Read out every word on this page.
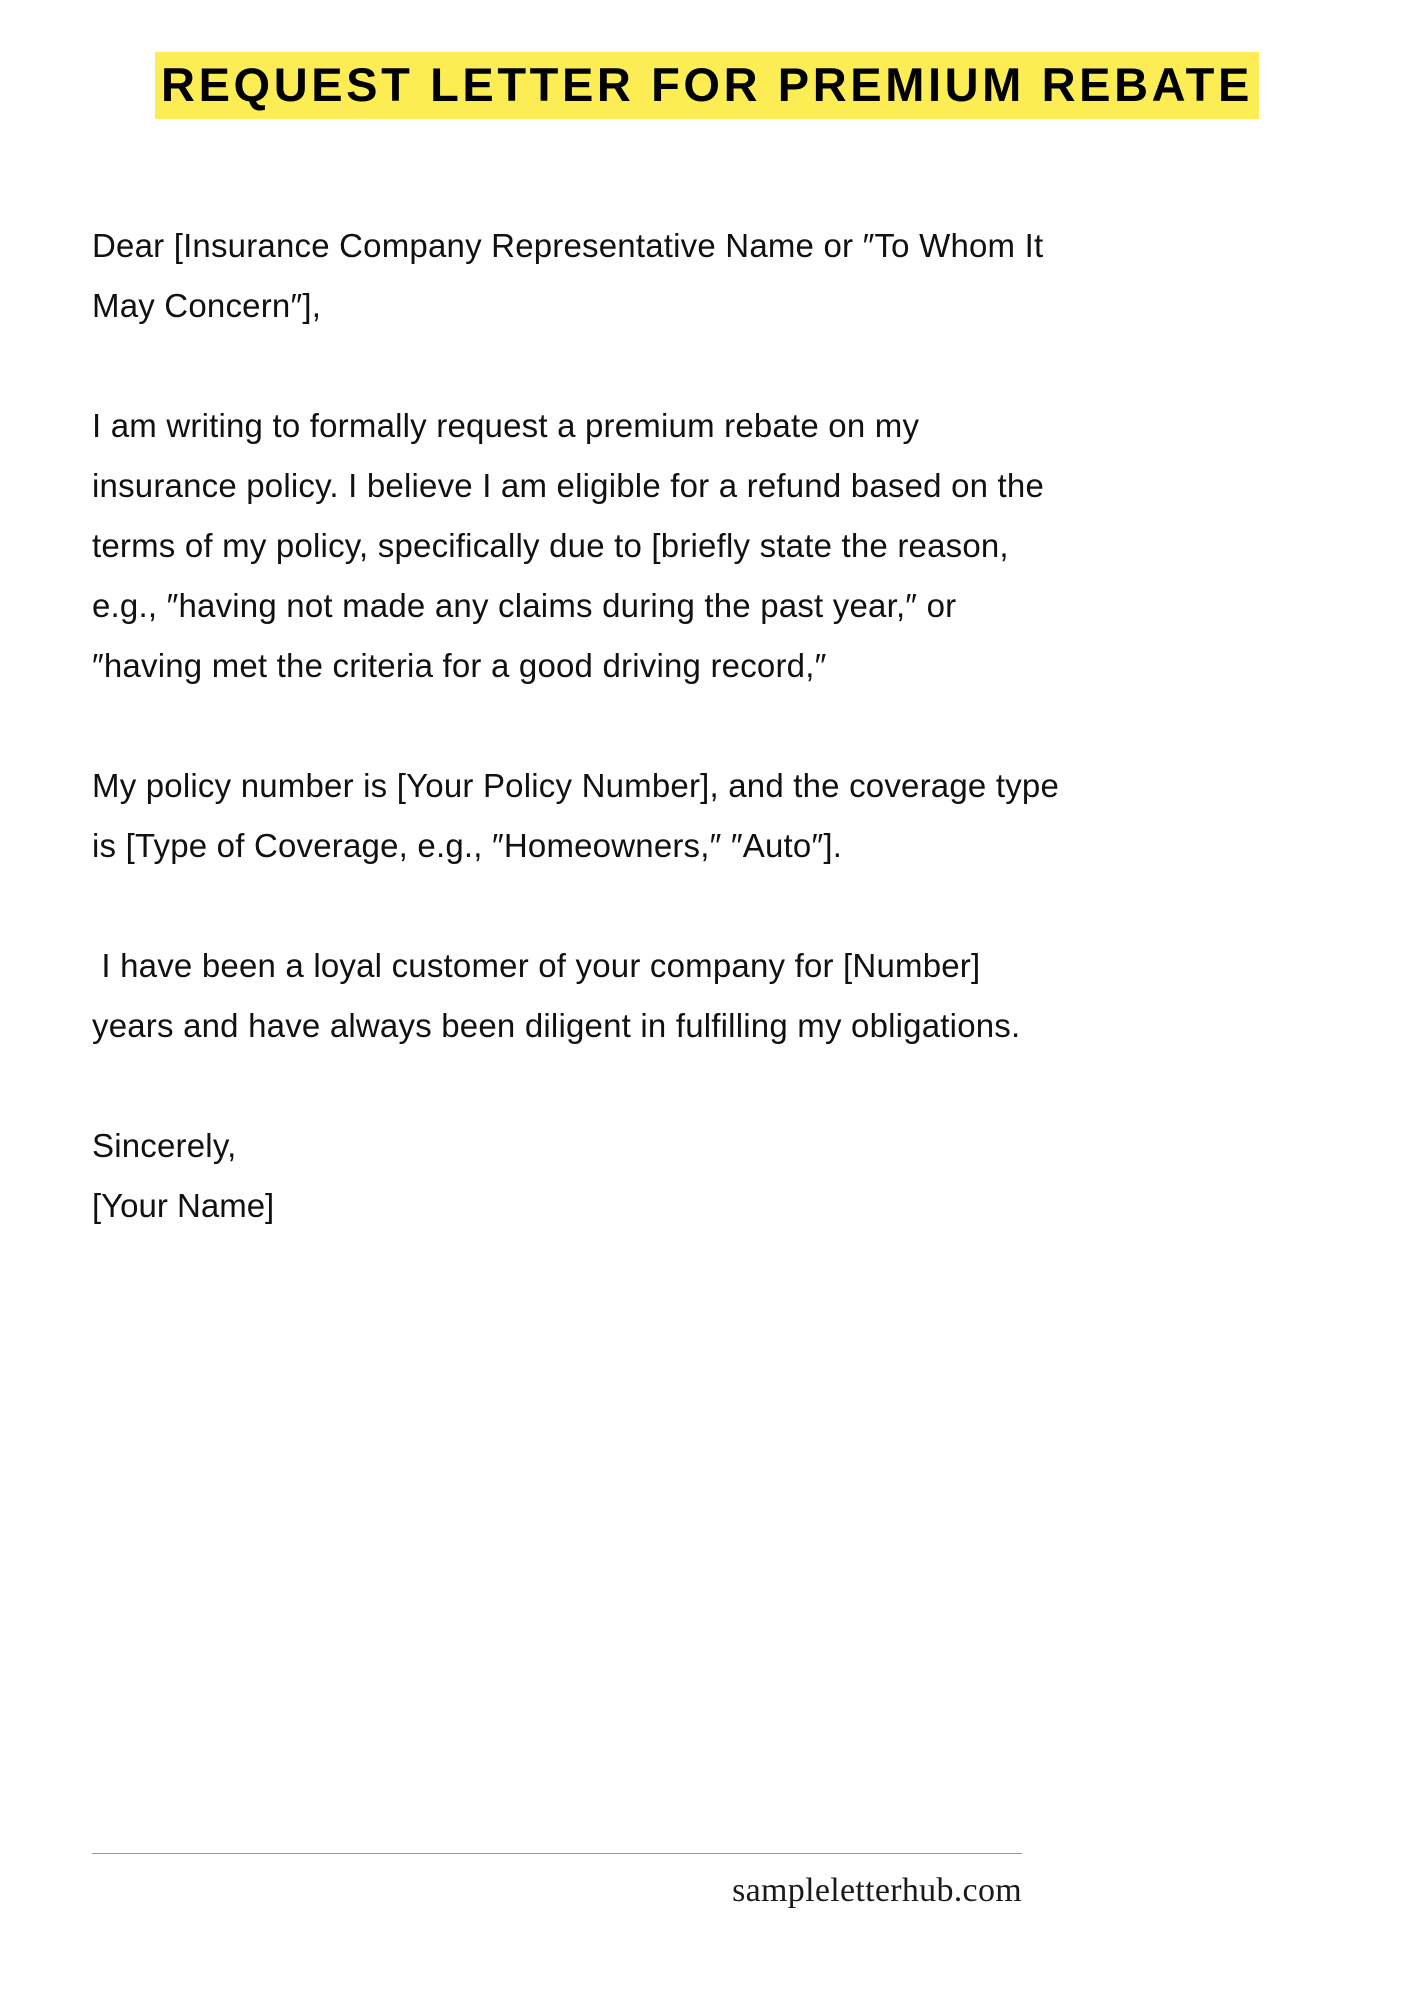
REQUEST LETTER FOR PREMIUM REBATE

Dear [Insurance Company Representative Name or ″To Whom It May Concern″],

I am writing to formally request a premium rebate on my insurance policy. I believe I am eligible for a refund based on the terms of my policy, specifically due to [briefly state the reason, e.g., ″having not made any claims during the past year,″ or ″having met the criteria for a good driving record,″

My policy number is [Your Policy Number], and the coverage type is [Type of Coverage, e.g., ″Homeowners,″ ″Auto″].

I have been a loyal customer of your company for [Number] years and have always been diligent in fulfilling my obligations.

Sincerely,

[Your Name]

sampleletterhub.com
